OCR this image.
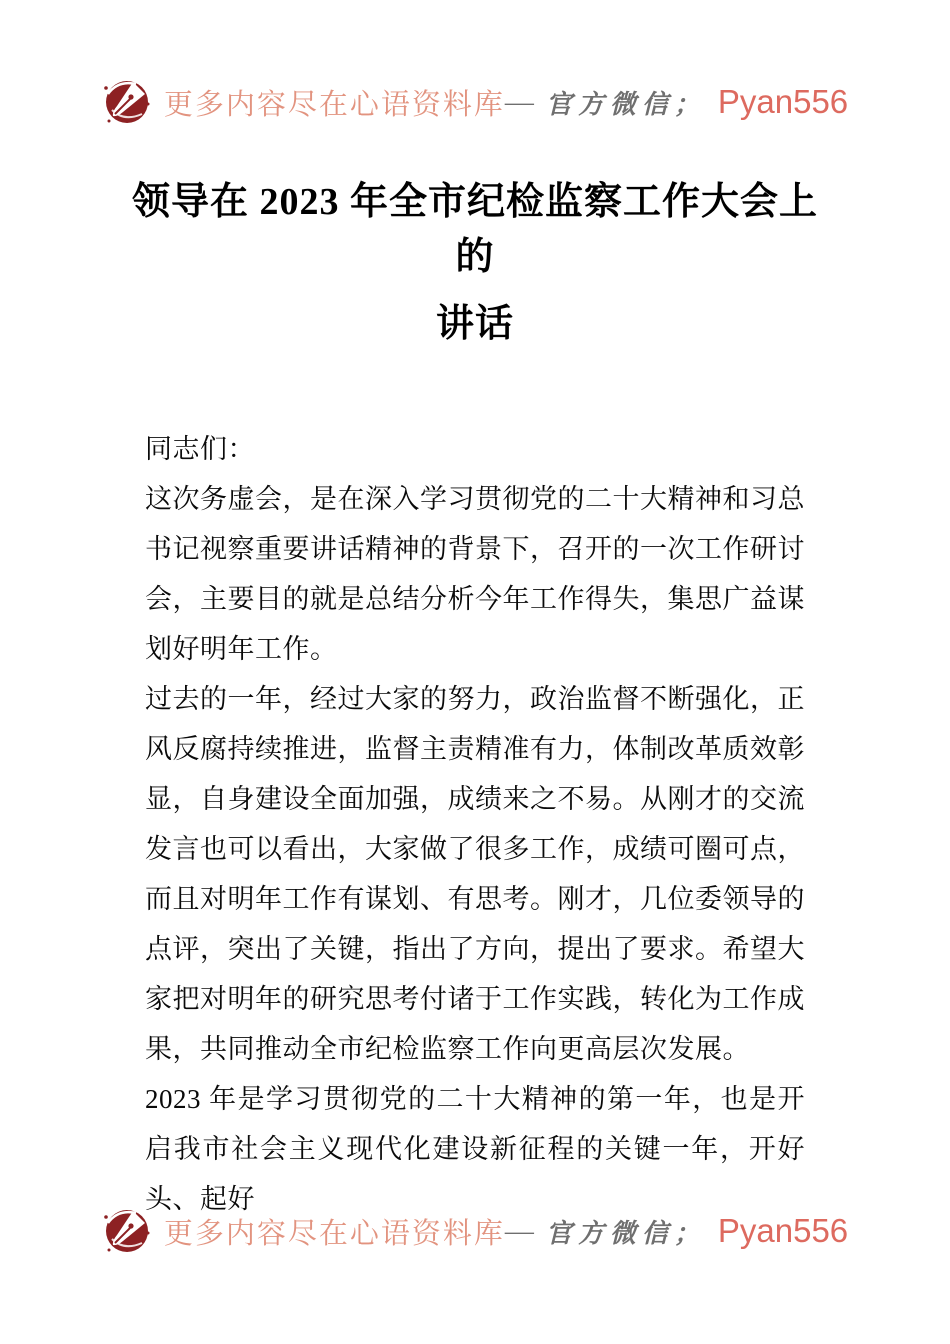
更多内容尽在心语资料库 — 官方微信； Pyan556
领导在 2023 年全市纪检监察工作大会上的
讲话

同志们：

这次务虚会，是在深入学习贯彻党的二十大精神和习总书记视察重要讲话精神的背景下，召开的一次工作研讨会，主要目的就是总结分析今年工作得失，集思广益谋划好明年工作。

过去的一年，经过大家的努力，政治监督不断强化，正风反腐持续推进，监督主责精准有力，体制改革质效彰显，自身建设全面加强，成绩来之不易。从刚才的交流发言也可以看出，大家做了很多工作，成绩可圈可点，而且对明年工作有谋划、有思考。刚才，几位委领导的点评，突出了关键，指出了方向，提出了要求。希望大家把对明年的研究思考付诸于工作实践，转化为工作成果，共同推动全市纪检监察工作向更高层次发展。

2023 年是学习贯彻党的二十大精神的第一年，也是开启我市社会主义现代化建设新征程的关键一年，开好头、起好

更多内容尽在心语资料库 — 官方微信； Pyan556
